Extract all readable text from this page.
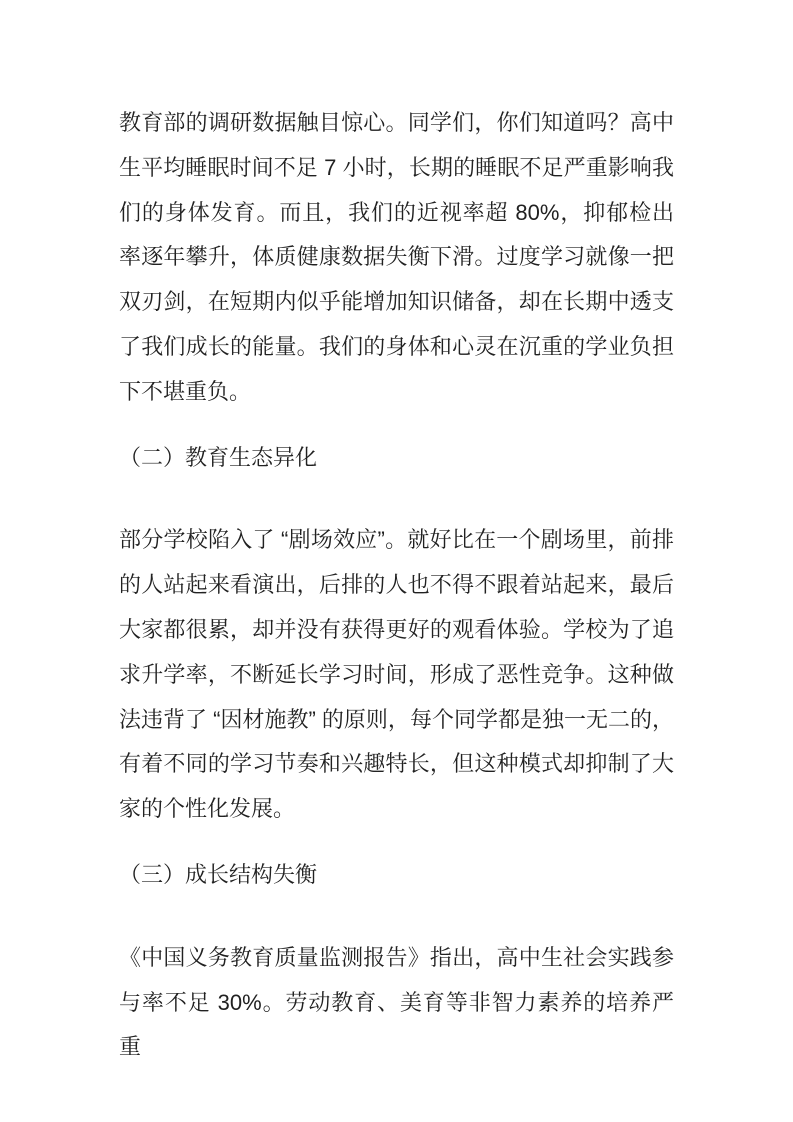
教育部的调研数据触目惊心。同学们，你们知道吗？高中生平均睡眠时间不足 7 小时，长期的睡眠不足严重影响我们的身体发育。而且，我们的近视率超 80%，抑郁检出率逐年攀升，体质健康数据失衡下滑。过度学习就像一把双刃剑，在短期内似乎能增加知识储备，却在长期中透支了我们成长的能量。我们的身体和心灵在沉重的学业负担下不堪重负。
（二）教育生态异化
部分学校陷入了 “剧场效应”。就好比在一个剧场里，前排的人站起来看演出，后排的人也不得不跟着站起来，最后大家都很累，却并没有获得更好的观看体验。学校为了追求升学率，不断延长学习时间，形成了恶性竞争。这种做法违背了 “因材施教” 的原则，每个同学都是独一无二的，有着不同的学习节奏和兴趣特长，但这种模式却抑制了大家的个性化发展。
（三）成长结构失衡
《中国义务教育质量监测报告》指出，高中生社会实践参与率不足 30%。劳动教育、美育等非智力素养的培养严重
